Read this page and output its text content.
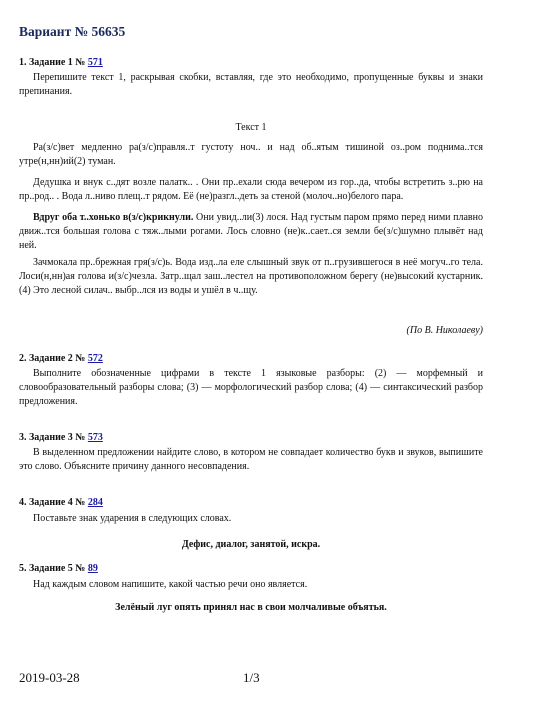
Вариант № 56635
1. Задание 1 № 571
Перепишите текст 1, раскрывая скобки, вставляя, где это необходимо, пропущенные буквы и знаки препинания.
Текст 1
Ра(з/с)вет медленно ра(з/с)правля..т густоту ноч.. и над об..ятым тишиной оз..ром поднима..тся утре(н,нн)ий(2) туман.
Дедушка и внук с..дят возле палатк.. . Они пр..ехали сюда вечером из гор..да, чтобы встретить з..рю на пр..род.. . Вода л..ниво плещ..т рядом. Её (не)разгл..деть за стеной (молоч..но)белого пара.
Вдруг оба т..хонько в(з/с)крикнули. Они увид..ли(3) лося. Над густым паром прямо перед ними плавно движ..тся большая голова с тяж..лыми рогами. Лось словно (не)к..сает..ся земли бе(з/с)шумно плывёт над ней.
Зачмокала пр..брежная гря(з/с)ь. Вода изд..ла еле слышный звук от п..грузившегося в неё могуч..го тела. Лоси(н,нн)ая голова и(з/с)чезла. Затр..щал заш..лестел на противоположном берегу (не)высокий кустарник.(4) Это лесной силач.. выбр..лся из воды и ушёл в ч..щу.
(По В. Николаеву)
2. Задание 2 № 572
Выполните обозначенные цифрами в тексте 1 языковые разборы: (2) — морфемный и словообразовательный разборы слова; (3) — морфологический разбор слова; (4) — синтаксический разбор предложения.
3. Задание 3 № 573
В выделенном предложении найдите слово, в котором не совпадает количество букв и звуков, выпишите это слово. Объясните причину данного несовпадения.
4. Задание 4 № 284
Поставьте знак ударения в следующих словах.
Дефис, диалог, занятой, искра.
5. Задание 5 № 89
Над каждым словом напишите, какой частью речи оно является.
Зелёный луг опять принял нас в свои молчаливые объятья.
2019-03-28	1/3
